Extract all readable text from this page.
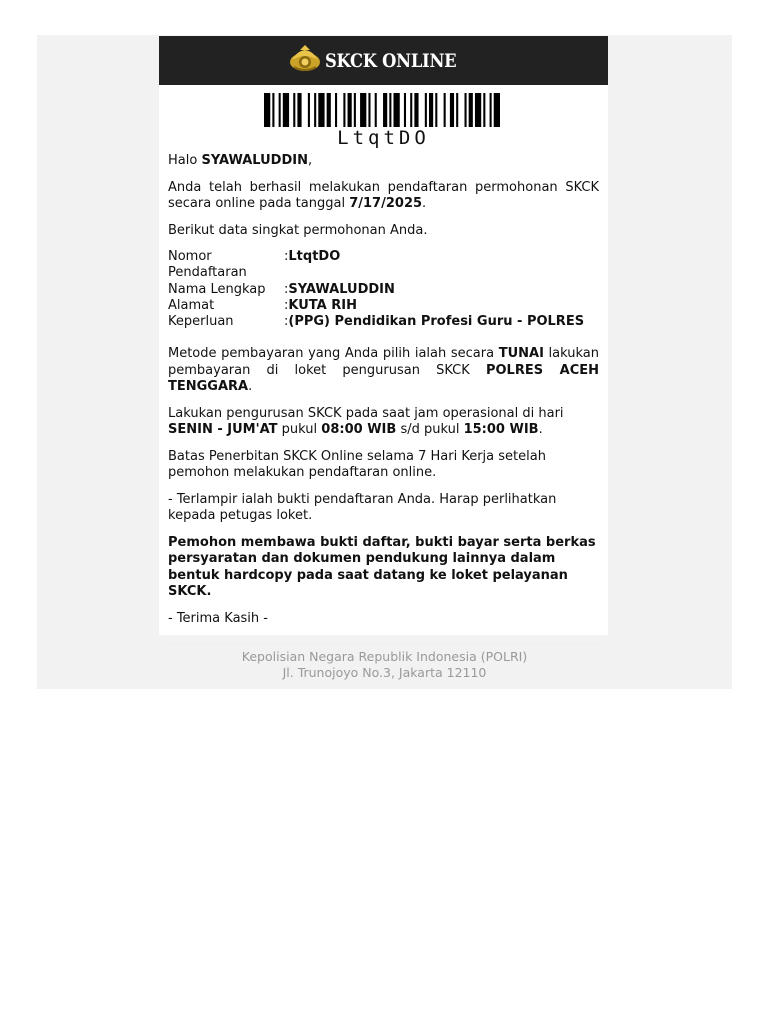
SKCK ONLINE
LtqtDO

Halo SYAWALUDDIN,

Anda telah berhasil melakukan pendaftaran permohonan SKCK secara online pada tanggal 7/17/2025.

Berikut data singkat permohonan Anda.

Nomor Pendaftaran	:LtqtDO
Nama Lengkap	:SYAWALUDDIN
Alamat	:KUTA RIH
Keperluan	:(PPG) Pendidikan Profesi Guru - POLRES

Metode pembayaran yang Anda pilih ialah secara TUNAI lakukan pembayaran di loket pengurusan SKCK POLRES ACEH TENGGARA.

Lakukan pengurusan SKCK pada saat jam operasional di hari SENIN - JUM'AT pukul 08:00 WIB s/d pukul 15:00 WIB.

Batas Penerbitan SKCK Online selama 7 Hari Kerja setelah pemohon melakukan pendaftaran online.

- Terlampir ialah bukti pendaftaran Anda. Harap perlihatkan kepada petugas loket.

Pemohon membawa bukti daftar, bukti bayar serta berkas persyaratan dan dokumen pendukung lainnya dalam bentuk hardcopy pada saat datang ke loket pelayanan SKCK.

- Terima Kasih -

Kepolisian Negara Republik Indonesia (POLRI)
Jl. Trunojoyo No.3, Jakarta 12110
